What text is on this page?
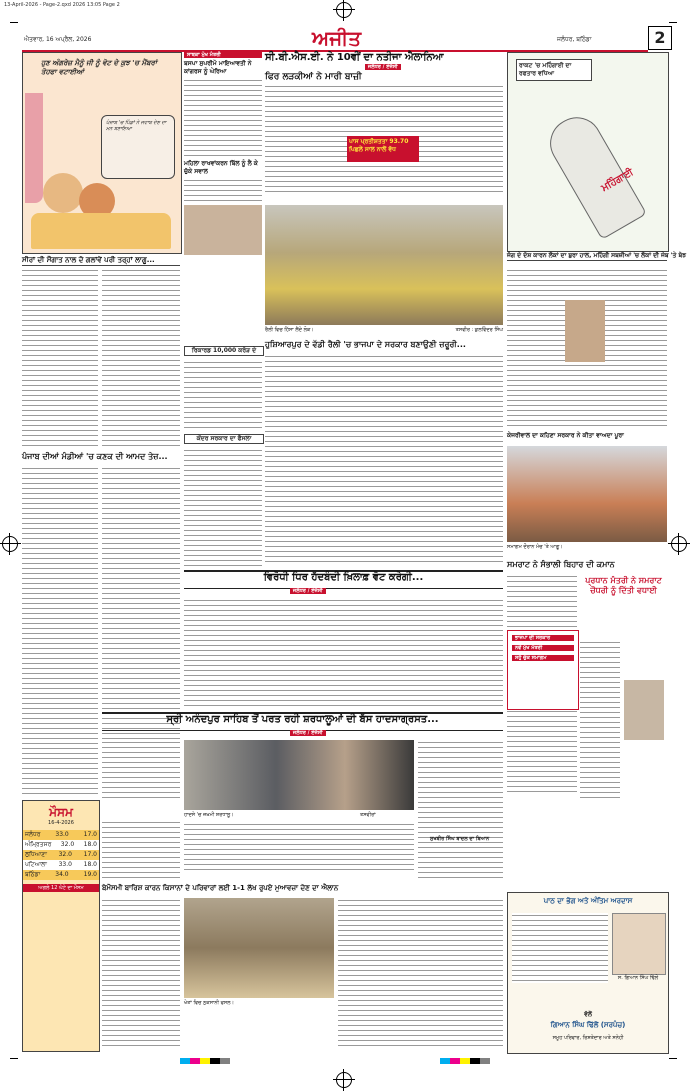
13-April-2026 - Page-2.qxd 2026 13:05 Page 2
ਐਤਵਾਰ, 16 ਅਪ੍ਰੈਲ, 2026	ਅਜੀਤ	ਜਲੰਧਰ, ਬਠਿੰਡਾ	2
ਹੁਣ ਅੰਗਰੇਜ਼ ਮੈਨੂੰ ਜੀ ਨੂੰ ਵੋਟ ਦੇ ਕੁਝ 'ਚ ਮੈਂਬਰਾਂ ਤੋਹਫਾ ਵਟਾਈਆਂ
ਪੰਜਾਬ 'ਚ ਪਿੰਡਾਂ ਨੇ ਜਵਾਬ ਦੇਣ ਦਾ ਮਨ ਬਣਾਇਆ
ਸੀਰਾਂ ਦੀ ਸੌਗਾਤ ਨਾਲ ਦੋ ਗਲਾਂਵੇਂ ਪਰੀ ਤਰ੍ਹਾਂ ਲਾਗੂ...
ਸਾਬਕਾ ਮੁੱਖ ਮੰਤਰੀ
ਬਸਪਾ ਸੁਪਰੀਮੋ ਮਾਇਆਵਤੀ ਨੇ ਕਾਂਗਰਸ ਨੂੰ ਘੇਰਿਆ
ਮਹਿਲਾ ਰਾਖਵਾਂਕਰਨ ਬਿੱਲ ਨੂੰ ਲੈ ਕੇ ਚੁੱਕੇ ਸਵਾਲ
ਸੀ.ਬੀ.ਐਸ.ਈ. ਨੇ 10ਵੀਂ ਦਾ ਨਤੀਜਾ ਐਲਾਨਿਆ
ਜਲੰਧਰ / ਏਜੰਸੀ
ਫਿਰ ਲੜਕੀਆਂ ਨੇ ਮਾਰੀ ਬਾਜ਼ੀ
ਪਾਸ ਪ੍ਰਤੀਸ਼ਤਤਾ 93.70 ਪਿਛਲੇ ਸਾਲ ਨਾਲੋਂ ਵੱਧ
ਰਾਕਟ 'ਚ ਮਹਿੰਗਾਈ ਦਾ ਰਫਤਾਰ ਵਧਿਆ
ਮਹਿੰਗਾਈ
ਜੰਗ ਦੇ ਦੋਸ਼ ਕਾਰਨ ਲੋਕਾਂ ਦਾ ਬੁਰਾ ਹਾਲ, ਮਹਿੰਗੀ ਸਬਜ਼ੀਆਂ 'ਚ ਲੋਕਾਂ ਦੀ ਜੇਬ 'ਤੇ ਬੋਝ
ਪੰਜਾਬ ਦੀਆਂ ਮੰਡੀਆਂ 'ਚ ਕਣਕ ਦੀ ਆਮਦ ਤੇਜ਼...
ਰਿਕਾਰਡ 10,000 ਕਰੋੜ ਦੇ
ਕੇਂਦਰ ਸਰਕਾਰ ਦਾ ਫੈਸਲਾ
ਰੈਲੀ ਵਿਚ ਹਿੱਸਾ ਲੈਂਦੇ ਲੋਕ।	ਤਸਵੀਰ : ਕੁਲਵਿੰਦਰ ਸਿੰਘ
ਹੁਸ਼ਿਆਰਪੁਰ ਦੇ ਵੱਡੀ ਰੈਲੀ 'ਚ ਭਾਜਪਾ ਦੇ ਸਰਕਾਰ ਬਣਾਉਣੀ ਜ਼ਰੂਰੀ...
ਕੇਜਰੀਵਾਲ ਦਾ ਕਹਿਣਾ ਸਰਕਾਰ ਨੇ ਕੀਤਾ ਵਾਅਦਾ ਪੂਰਾ
ਸਮਾਗਮ ਦੌਰਾਨ ਮੰਚ 'ਤੇ ਆਗੂ।
ਸਮਰਾਟ ਨੇ ਸੰਭਾਲੀ ਬਿਹਾਰ ਦੀ ਕਮਾਨ
ਵਿਰੋਧੀ ਧਿਰ ਹੱਦਬੰਦੀ ਖ਼ਿਲਾਫ਼ ਵੋਟ ਕਰੇਗੀ...
ਜਲੰਧਰ / ਏਜੰਸੀ
ਪ੍ਰਧਾਨ ਮੰਤਰੀ ਨੇ ਸਮਰਾਟ ਚੌਧਰੀ ਨੂੰ ਦਿੱਤੀ ਵਧਾਈ
ਭਾਜਪਾ ਦੀ ਸਰਕਾਰ
ਨਵੇਂ ਮੁੱਖ ਮੰਤਰੀ
ਸਹੁੰ ਚੁੱਕ ਸਮਾਗਮ
ਸ੍ਰੀ ਅਨੰਦਪੁਰ ਸਾਹਿਬ ਤੋਂ ਪਰਤ ਰਹੀ ਸ਼ਰਧਾਲੂਆਂ ਦੀ ਬੱਸ ਹਾਦਸਾਗ੍ਰਸਤ...
ਜਲੰਧਰ / ਏਜੰਸੀ
ਹਾਦਸੇ 'ਚ ਜ਼ਖ਼ਮੀ ਸ਼ਰਧਾਲੂ।	ਤਸਵੀਰਾਂ
ਮੌਸਮ
16-4-2026
ਜਲੰਧਰ 33.0 17.0
ਅੰਮ੍ਰਿਤਸਰ 32.0 18.0
ਲੁਧਿਆਣਾ 32.0 17.0
ਪਟਿਆਲਾ 33.0 18.0
ਬਠਿੰਡਾ	34.0	19.0
ਅਗਲੇ 12 ਘੰਟੇ ਦਾ ਮੌਸਮ	ਬੇਮੌਸਮੀ ਬਾਰਿਸ਼ ਕਾਰਨ ਕਿਸਾਨਾਂ ਦੇ ਪਰਿਵਾਰਾਂ ਲਈ 1-1 ਲੱਖ ਰੁਪਏ ਮੁਆਵਜ਼ਾ ਦੇਣ ਦਾ ਐਲਾਨ
ਖੇਤਾਂ ਵਿਚ ਨੁਕਸਾਨੀ ਫਸਲ।
ਸੁਖਬੀਰ ਸਿੰਘ ਬਾਦਲ ਦਾ ਬਿਆਨ
ਪਾਠ ਦਾ ਭੋਗ ਅਤੇ ਅੰਤਿਮ ਅਰਦਾਸ
ਸ. ਗਿਆਨ ਸਿੰਘ ਢਿੱਲੋਂ
ਵੱਲੋਂ
ਗਿਆਨ ਸਿੰਘ ਢਿੱਲੋਂ (ਸਰਪੰਚ)
ਸਮੂਹ ਪਰਿਵਾਰ, ਰਿਸ਼ਤੇਦਾਰ ਅਤੇ ਸਨੇਹੀ
